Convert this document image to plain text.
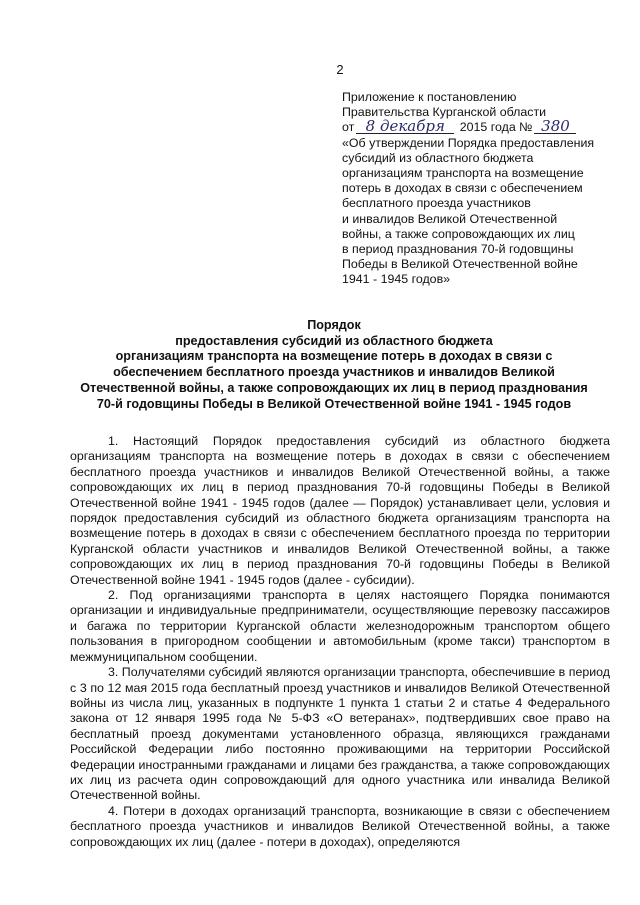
2
Приложение к постановлению
Правительства Курганской области
от 8 декабря 2015 года № 380
«Об утверждении Порядка предоставления
субсидий из областного бюджета
организациям транспорта на возмещение
потерь в доходах в связи с обеспечением
бесплатного проезда участников
и инвалидов Великой Отечественной
войны, а также сопровождающих их лиц
в период празднования 70-й годовщины
Победы в Великой Отечественной войне
1941 - 1945 годов»
Порядок
предоставления субсидий из областного бюджета
организациям транспорта на возмещение потерь в доходах в связи с
обеспечением бесплатного проезда участников и инвалидов Великой
Отечественной войны, а также сопровождающих их лиц в период празднования
70-й годовщины Победы в Великой Отечественной войне 1941 - 1945 годов

1. Настоящий Порядок предоставления субсидий из областного бюджета организациям транспорта на возмещение потерь в доходах в связи с обеспечением бесплатного проезда участников и инвалидов Великой Отечественной войны, а также сопровождающих их лиц в период празднования 70-й годовщины Победы в Великой Отечественной войне 1941 - 1945 годов (далее — Порядок) устанавливает цели, условия и порядок предоставления субсидий из областного бюджета организациям транспорта на возмещение потерь в доходах в связи с обеспечением бесплатного проезда по территории Курганской области участников и инвалидов Великой Отечественной войны, а также сопровождающих их лиц в период празднования 70-й годовщины Победы в Великой Отечественной войне 1941 - 1945 годов (далее - субсидии).

2. Под организациями транспорта в целях настоящего Порядка понимаются организации и индивидуальные предприниматели, осуществляющие перевозку пассажиров и багажа по территории Курганской области железнодорожным транспортом общего пользования в пригородном сообщении и автомобильным (кроме такси) транспортом в межмуниципальном сообщении.

3. Получателями субсидий являются организации транспорта, обеспечившие в период с 3 по 12 мая 2015 года бесплатный проезд участников и инвалидов Великой Отечественной войны из числа лиц, указанных в подпункте 1 пункта 1 статьи 2 и статье 4 Федерального закона от 12 января 1995 года № 5-ФЗ «О ветеранах», подтвердивших свое право на бесплатный проезд документами установленного образца, являющихся гражданами Российской Федерации либо постоянно проживающими на территории Российской Федерации иностранными гражданами и лицами без гражданства, а также сопровождающих их лиц из расчета один сопровождающий для одного участника или инвалида Великой Отечественной войны.

4. Потери в доходах организаций транспорта, возникающие в связи с обеспечением бесплатного проезда участников и инвалидов Великой Отечественной войны, а также сопровождающих их лиц (далее - потери в доходах), определяются
